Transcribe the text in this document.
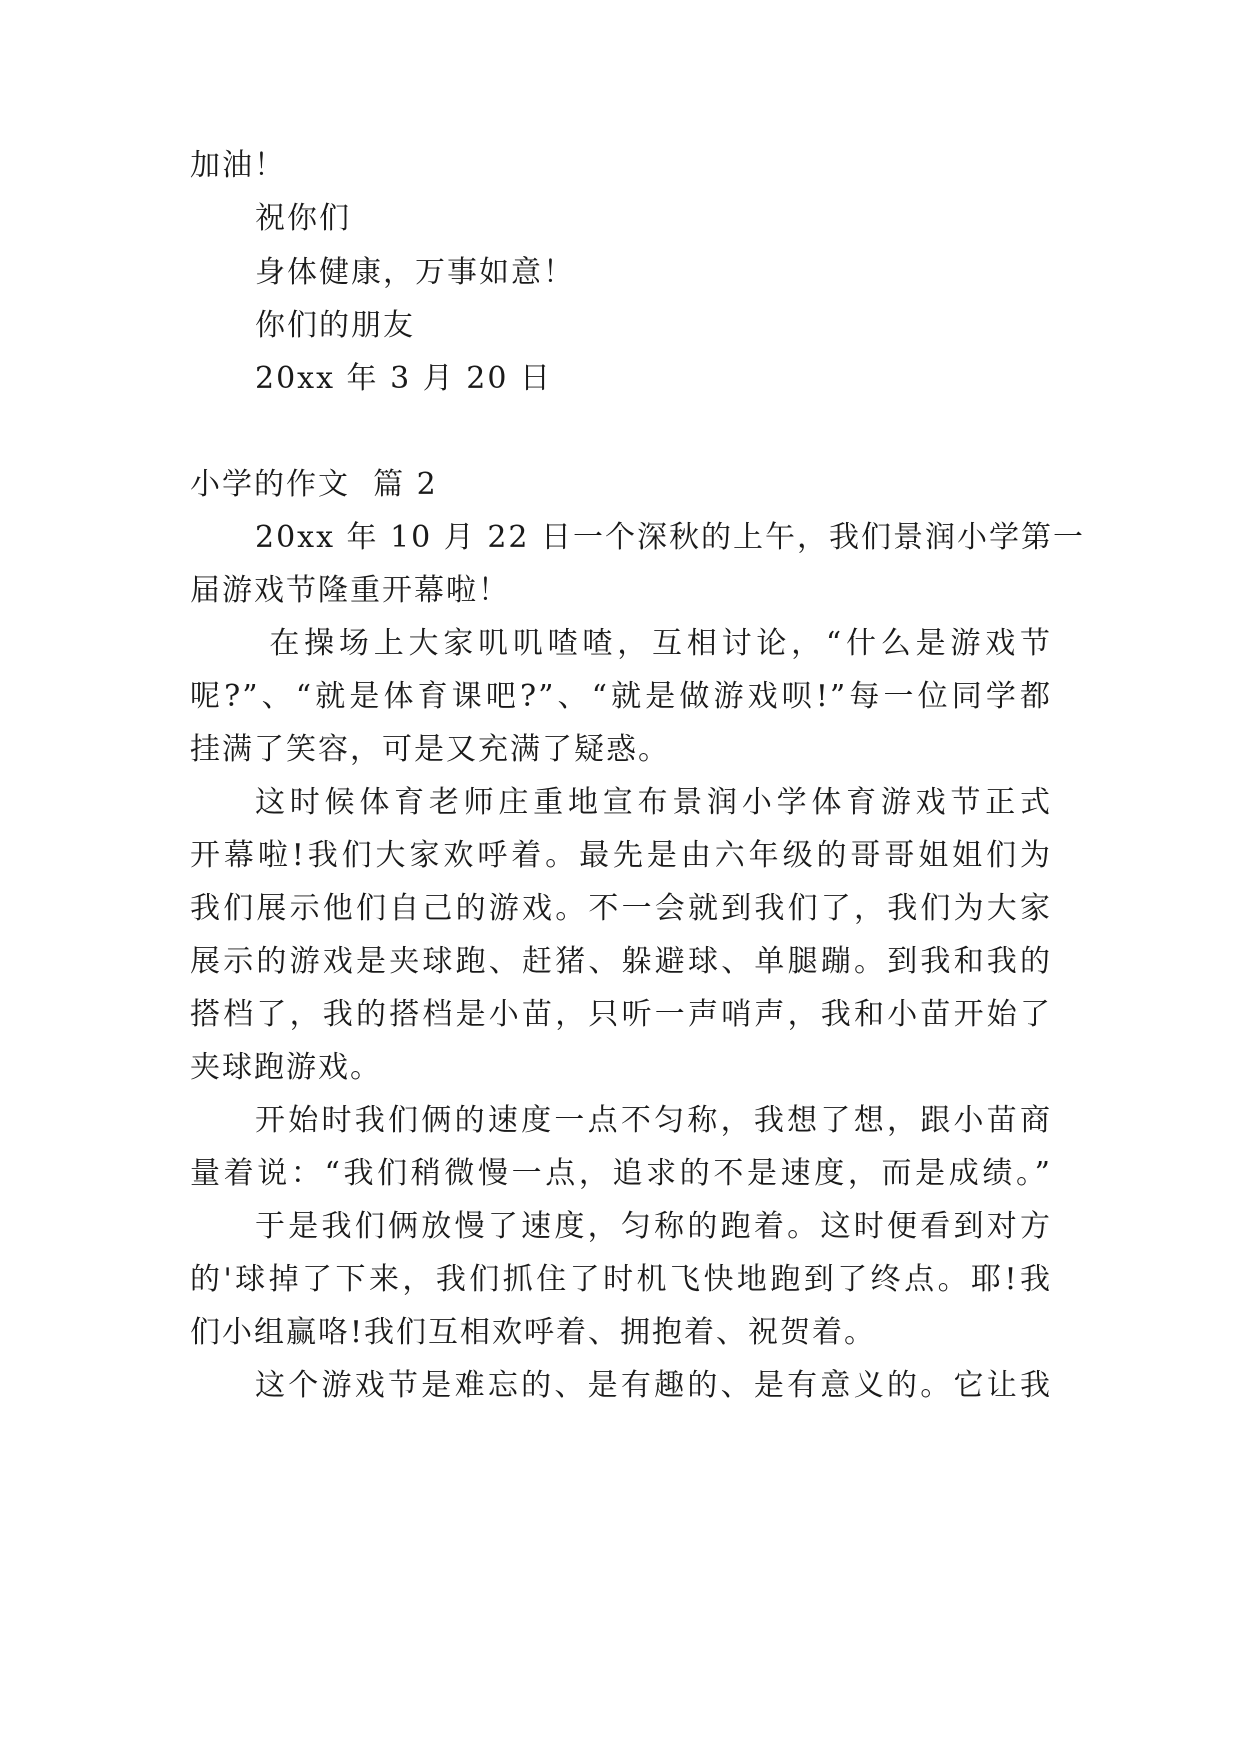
加油！
祝你们
身体健康，万事如意！
你们的朋友
20xx 年 3 月 20 日
小学的作文  篇 2
20xx 年 10 月 22 日一个深秋的上午，我们景润小学第一
届游戏节隆重开幕啦！
在操场上大家叽叽喳喳，互相讨论，“什么是游戏节
呢?”、“就是体育课吧?”、“就是做游戏呗!”每一位同学都
挂满了笑容，可是又充满了疑惑。
这时候体育老师庄重地宣布景润小学体育游戏节正式
开幕啦!我们大家欢呼着。最先是由六年级的哥哥姐姐们为
我们展示他们自己的游戏。不一会就到我们了，我们为大家
展示的游戏是夹球跑、赶猪、躲避球、单腿蹦。到我和我的
搭档了，我的搭档是小苗，只听一声哨声，我和小苗开始了
夹球跑游戏。
开始时我们俩的速度一点不匀称，我想了想，跟小苗商
量着说：“我们稍微慢一点，追求的不是速度，而是成绩。”
于是我们俩放慢了速度，匀称的跑着。这时便看到对方
的'球掉了下来，我们抓住了时机飞快地跑到了终点。耶!我
们小组赢咯!我们互相欢呼着、拥抱着、祝贺着。
这个游戏节是难忘的、是有趣的、是有意义的。它让我
